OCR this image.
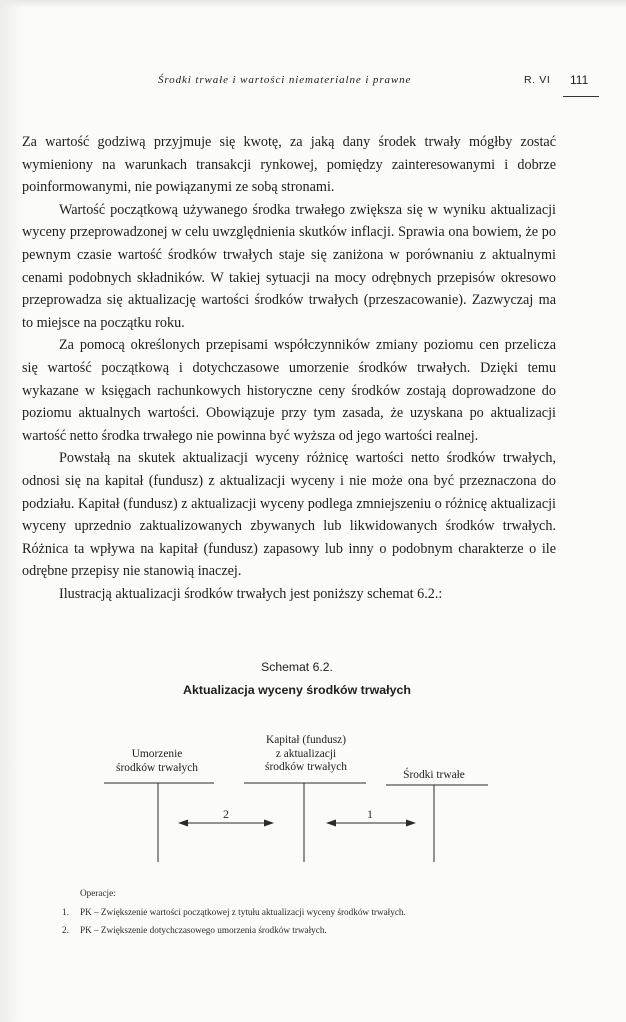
Środki trwałe i wartości niematerialne i prawne	R. VI 111

Za wartość godziwą przyjmuje się kwotę, za jaką dany środek trwały mógłby zostać wymieniony na warunkach transakcji rynkowej, pomiędzy zainteresowanymi i dobrze poinformowanymi, nie powiązanymi ze sobą stronami.

Wartość początkową używanego środka trwałego zwiększa się w wyniku aktualizacji wyceny przeprowadzonej w celu uwzględnienia skutków inflacji. Sprawia ona bowiem, że po pewnym czasie wartość środków trwałych staje się zaniżona w porównaniu z aktualnymi cenami podobnych składników. W takiej sytuacji na mocy odrębnych przepisów okresowo przeprowadza się aktualizację wartości środków trwałych (przeszacowanie). Zazwyczaj ma to miejsce na początku roku.

Za pomocą określonych przepisami współczynników zmiany poziomu cen przelicza się wartość początkową i dotychczasowe umorzenie środków trwałych. Dzięki temu wykazane w księgach rachunkowych historyczne ceny środków zostają doprowadzone do poziomu aktualnych wartości. Obowiązuje przy tym zasada, że uzyskana po aktualizacji wartość netto środka trwałego nie powinna być wyższa od jego wartości realnej.

Powstałą na skutek aktualizacji wyceny różnicę wartości netto środków trwałych, odnosi się na kapitał (fundusz) z aktualizacji wyceny i nie może ona być przeznaczona do podziału. Kapitał (fundusz) z aktualizacji wyceny podlega zmniejszeniu o różnicę aktualizacji wyceny uprzednio zaktualizowanych zbywanych lub likwidowanych środków trwałych. Różnica ta wpływa na kapitał (fundusz) zapasowy lub inny o podobnym charakterze o ile odrębne przepisy nie stanowią inaczej.

Ilustracją aktualizacji środków trwałych jest poniższy schemat 6.2.:

Schemat 6.2.
Aktualizacja wyceny środków trwałych
Umorzenie
środków trwałych
Kapitał (fundusz)
z aktualizacji
środków trwałych
Środki trwałe
2	1
Operacje:
1.	PK – Zwiększenie wartości początkowej z tytułu aktualizacji wyceny środków trwałych.
2.	PK – Zwiększenie dotychczasowego umorzenia środków trwałych.
